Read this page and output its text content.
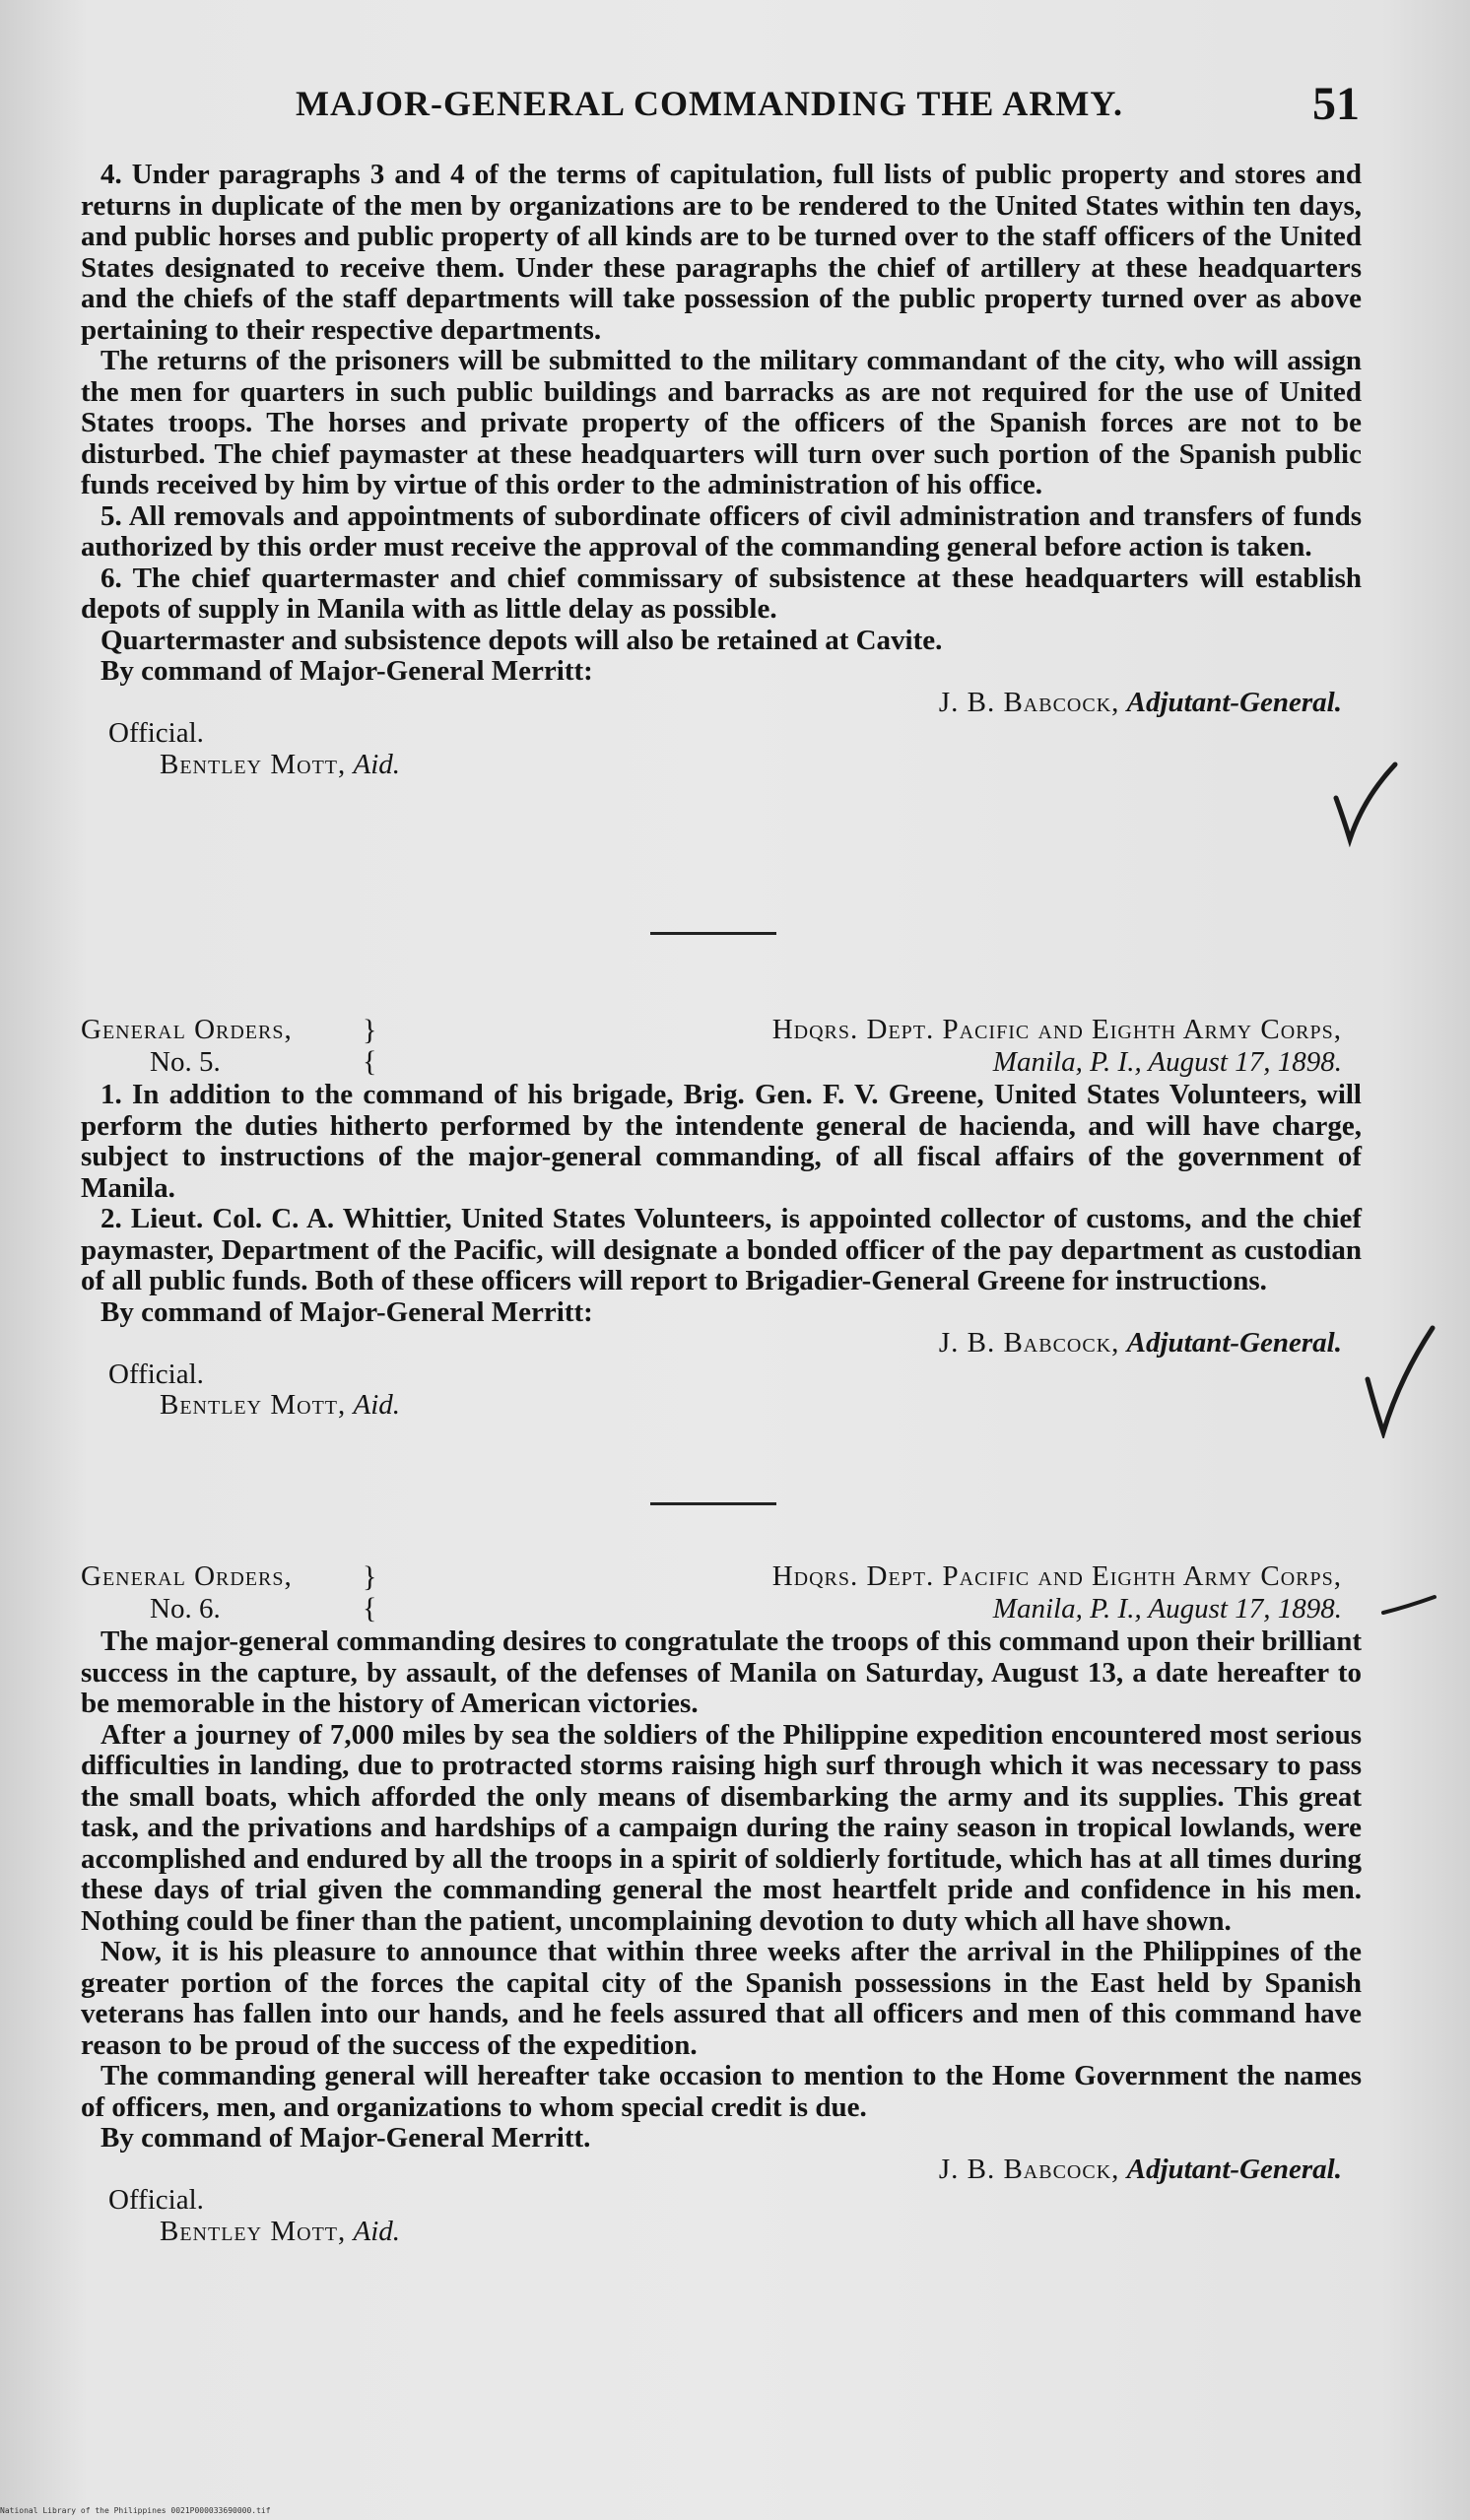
MAJOR-GENERAL COMMANDING THE ARMY.	51

4. Under paragraphs 3 and 4 of the terms of capitulation, full lists of public property and stores and returns in duplicate of the men by organizations are to be rendered to the United States within ten days, and public horses and public property of all kinds are to be turned over to the staff officers of the United States designated to receive them. Under these paragraphs the chief of artillery at these headquarters and the chiefs of the staff departments will take possession of the public property turned over as above pertaining to their respective departments.

The returns of the prisoners will be submitted to the military commandant of the city, who will assign the men for quarters in such public buildings and barracks as are not required for the use of United States troops. The horses and private property of the officers of the Spanish forces are not to be disturbed. The chief paymaster at these headquarters will turn over such portion of the Spanish public funds received by him by virtue of this order to the administration of his office.

5. All removals and appointments of subordinate officers of civil administration and transfers of funds authorized by this order must receive the approval of the commanding general before action is taken.

6. The chief quartermaster and chief commissary of subsistence at these headquarters will establish depots of supply in Manila with as little delay as possible.

Quartermaster and subsistence depots will also be retained at Cavite.

By command of Major-General Merritt:

J. B. Babcock, Adjutant-General.

Official.

Bentley Mott, Aid.

General Orders,
No. 5.
}
{
Hdqrs. Dept. Pacific and Eighth Army Corps,
Manila, P. I., August 17, 1898.

1. In addition to the command of his brigade, Brig. Gen. F. V. Greene, United States Volunteers, will perform the duties hitherto performed by the intendente general de hacienda, and will have charge, subject to instructions of the major-general commanding, of all fiscal affairs of the government of Manila.

2. Lieut. Col. C. A. Whittier, United States Volunteers, is appointed collector of customs, and the chief paymaster, Department of the Pacific, will designate a bonded officer of the pay department as custodian of all public funds. Both of these officers will report to Brigadier-General Greene for instructions.

By command of Major-General Merritt:

J. B. Babcock, Adjutant-General.

Official.

Bentley Mott, Aid.

General Orders,
No. 6.
}
{
Hdqrs. Dept. Pacific and Eighth Army Corps,
Manila, P. I., August 17, 1898.

The major-general commanding desires to congratulate the troops of this command upon their brilliant success in the capture, by assault, of the defenses of Manila on Saturday, August 13, a date hereafter to be memorable in the history of American victories.

After a journey of 7,000 miles by sea the soldiers of the Philippine expedition encountered most serious difficulties in landing, due to protracted storms raising high surf through which it was necessary to pass the small boats, which afforded the only means of disembarking the army and its supplies. This great task, and the privations and hardships of a campaign during the rainy season in tropical lowlands, were accomplished and endured by all the troops in a spirit of soldierly fortitude, which has at all times during these days of trial given the commanding general the most heartfelt pride and confidence in his men. Nothing could be finer than the patient, uncomplaining devotion to duty which all have shown.

Now, it is his pleasure to announce that within three weeks after the arrival in the Philippines of the greater portion of the forces the capital city of the Spanish possessions in the East held by Spanish veterans has fallen into our hands, and he feels assured that all officers and men of this command have reason to be proud of the success of the expedition.

The commanding general will hereafter take occasion to mention to the Home Government the names of officers, men, and organizations to whom special credit is due.

By command of Major-General Merritt.

J. B. Babcock, Adjutant-General.

Official.

Bentley Mott, Aid.

National Library of the Philippines 0021P000033690000.tif
